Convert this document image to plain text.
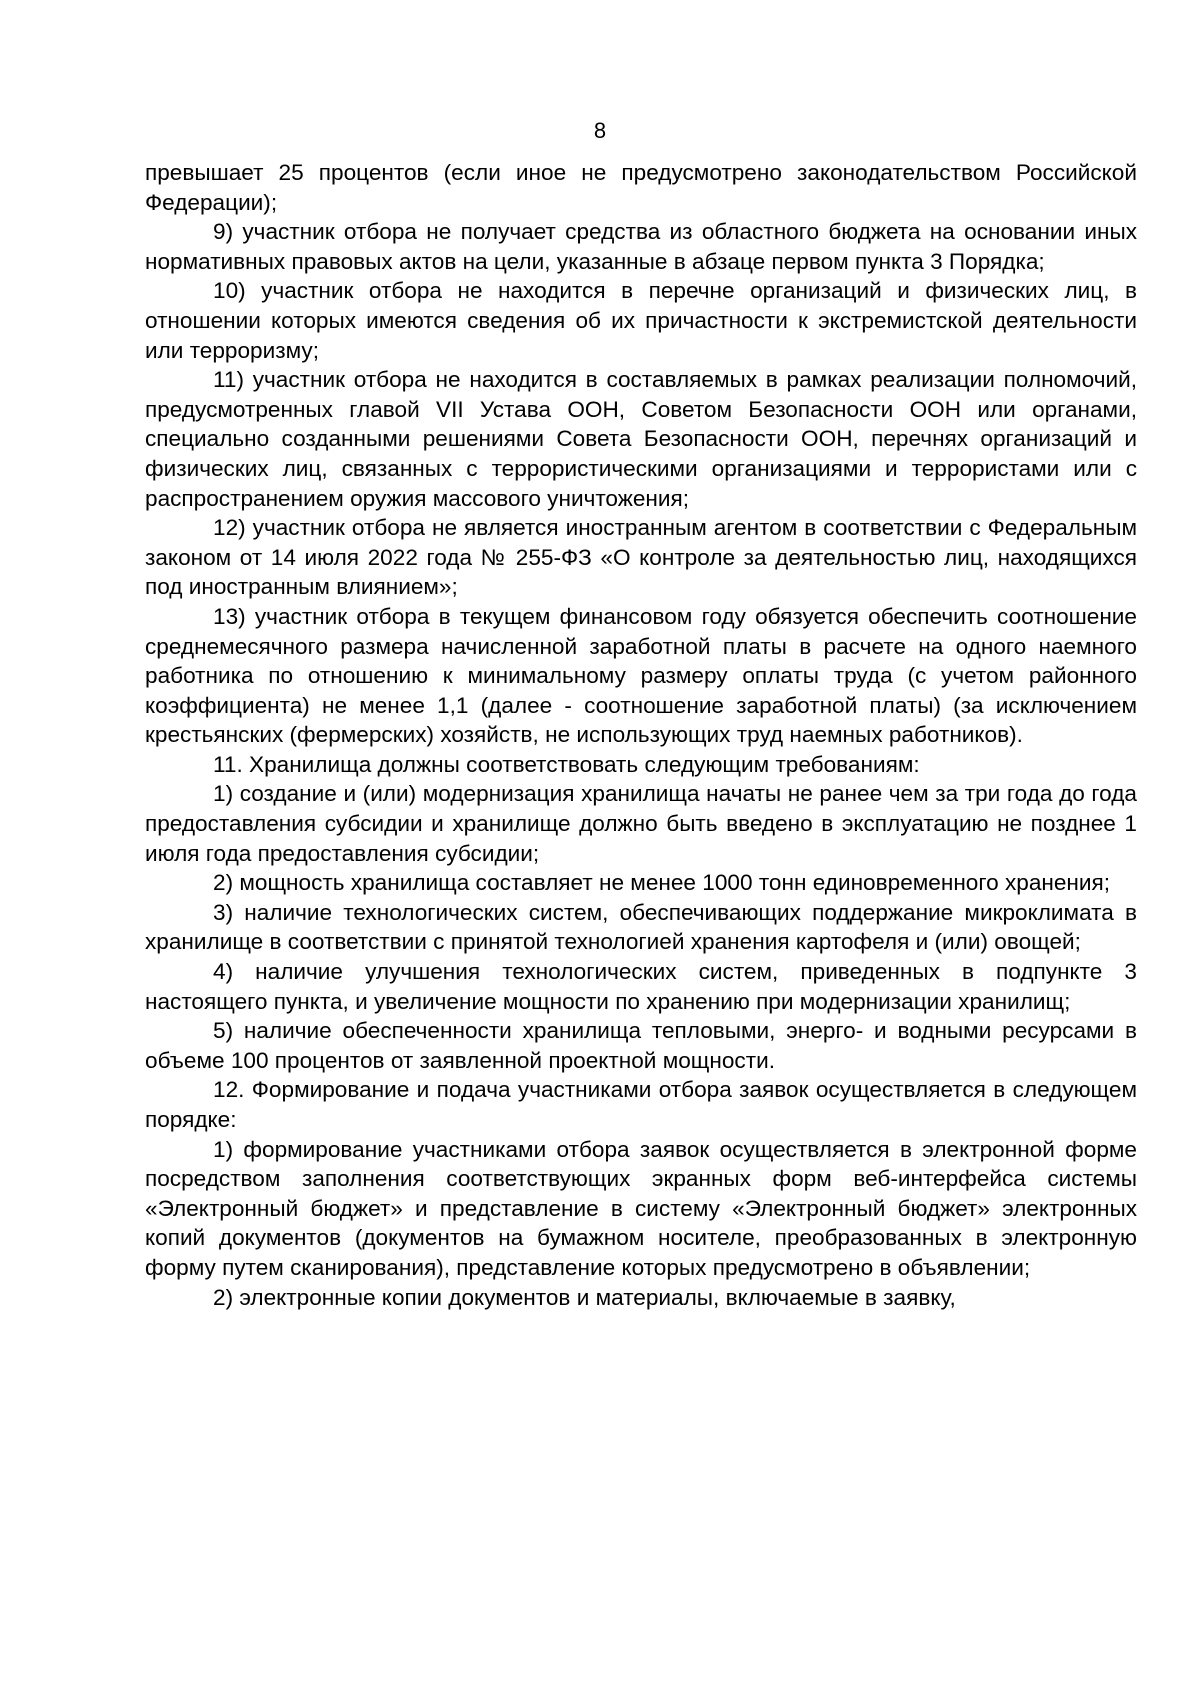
8

превышает 25 процентов (если иное не предусмотрено законодательством Российской Федерации);

9) участник отбора не получает средства из областного бюджета на основании иных нормативных правовых актов на цели, указанные в абзаце первом пункта 3 Порядка;

10) участник отбора не находится в перечне организаций и физических лиц, в отношении которых имеются сведения об их причастности к экстремистской деятельности или терроризму;

11) участник отбора не находится в составляемых в рамках реализации полномочий, предусмотренных главой VII Устава ООН, Советом Безопасности ООН или органами, специально созданными решениями Совета Безопасности ООН, перечнях организаций и физических лиц, связанных с террористическими организациями и террористами или с распространением оружия массового уничтожения;

12) участник отбора не является иностранным агентом в соответствии с Федеральным законом от 14 июля 2022 года № 255-ФЗ «О контроле за деятельностью лиц, находящихся под иностранным влиянием»;

13) участник отбора в текущем финансовом году обязуется обеспечить соотношение среднемесячного размера начисленной заработной платы в расчете на одного наемного работника по отношению к минимальному размеру оплаты труда (с учетом районного коэффициента) не менее 1,1 (далее - соотношение заработной платы) (за исключением крестьянских (фермерских) хозяйств, не использующих труд наемных работников).

11. Хранилища должны соответствовать следующим требованиям:

1) создание и (или) модернизация хранилища начаты не ранее чем за три года до года предоставления субсидии и хранилище должно быть введено в эксплуатацию не позднее 1 июля года предоставления субсидии;

2) мощность хранилища составляет не менее 1000 тонн единовременного хранения;

3) наличие технологических систем, обеспечивающих поддержание микроклимата в хранилище в соответствии с принятой технологией хранения картофеля и (или) овощей;

4) наличие улучшения технологических систем, приведенных в подпункте 3 настоящего пункта, и увеличение мощности по хранению при модернизации хранилищ;

5) наличие обеспеченности хранилища тепловыми, энерго- и водными ресурсами в объеме 100 процентов от заявленной проектной мощности.

12. Формирование и подача участниками отбора заявок осуществляется в следующем порядке:

1) формирование участниками отбора заявок осуществляется в электронной форме посредством заполнения соответствующих экранных форм веб-интерфейса системы «Электронный бюджет» и представление в систему «Электронный бюджет» электронных копий документов (документов на бумажном носителе, преобразованных в электронную форму путем сканирования), представление которых предусмотрено в объявлении;

2) электронные копии документов и материалы, включаемые в заявку,
